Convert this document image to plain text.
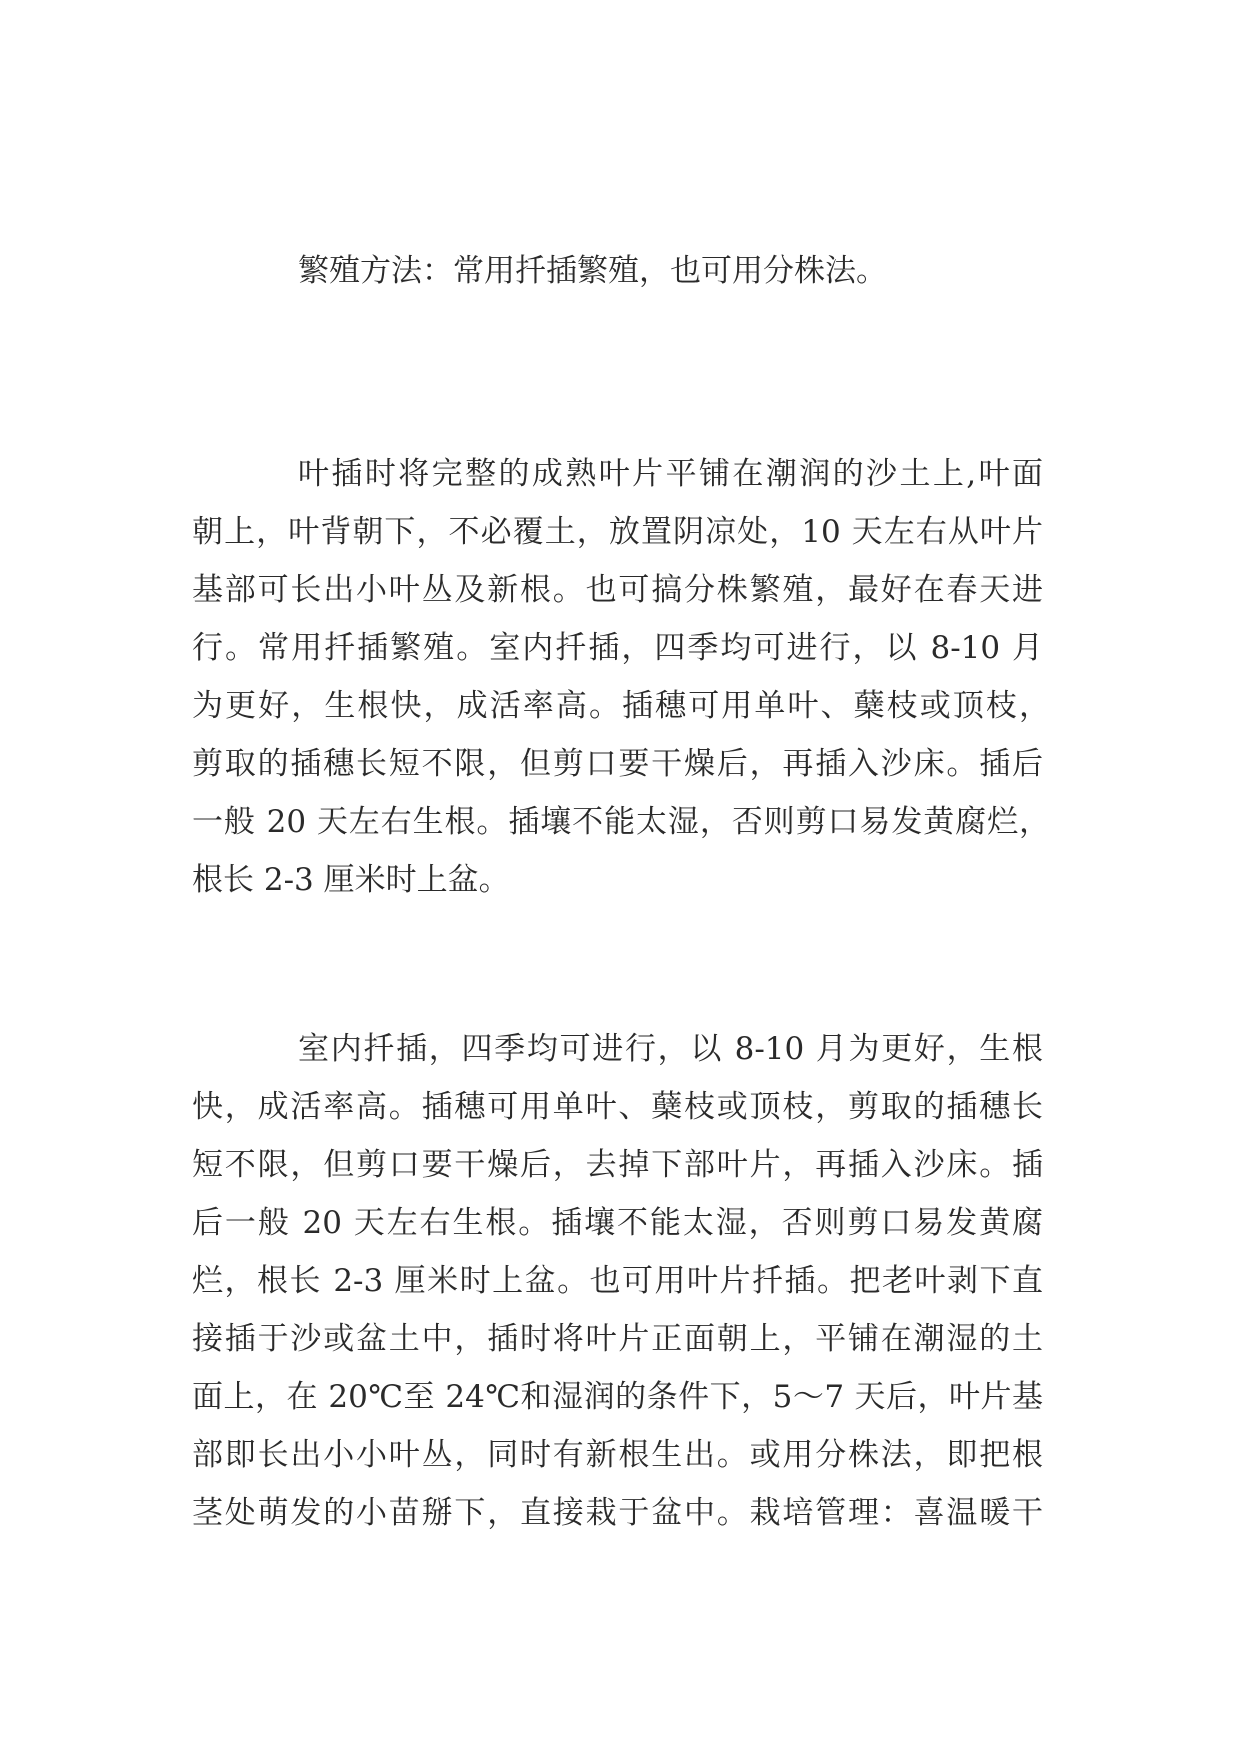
繁殖方法：常用扦插繁殖，也可用分株法。

叶插时将完整的成熟叶片平铺在潮润的沙土上,叶面

朝上，叶背朝下，不必覆土，放置阴凉处，10 天左右从叶片

基部可长出小叶丛及新根。也可搞分株繁殖，最好在春天进

行。常用扦插繁殖。室内扦插，四季均可进行，以 8-10 月

为更好，生根快，成活率高。插穗可用单叶、蘖枝或顶枝，

剪取的插穗长短不限，但剪口要干燥后，再插入沙床。插后

一般 20 天左右生根。插壤不能太湿，否则剪口易发黄腐烂，

根长 2-3 厘米时上盆。

室内扦插，四季均可进行，以 8-10 月为更好，生根

快，成活率高。插穗可用单叶、蘖枝或顶枝，剪取的插穗长

短不限，但剪口要干燥后，去掉下部叶片，再插入沙床。插

后一般 20 天左右生根。插壤不能太湿，否则剪口易发黄腐

烂，根长 2-3 厘米时上盆。也可用叶片扦插。把老叶剥下直

接插于沙或盆土中，插时将叶片正面朝上，平铺在潮湿的土

面上，在 20℃至 24℃和湿润的条件下，5～7 天后，叶片基

部即长出小小叶丛，同时有新根生出。或用分株法，即把根

茎处萌发的小苗掰下，直接栽于盆中。栽培管理：喜温暖干
